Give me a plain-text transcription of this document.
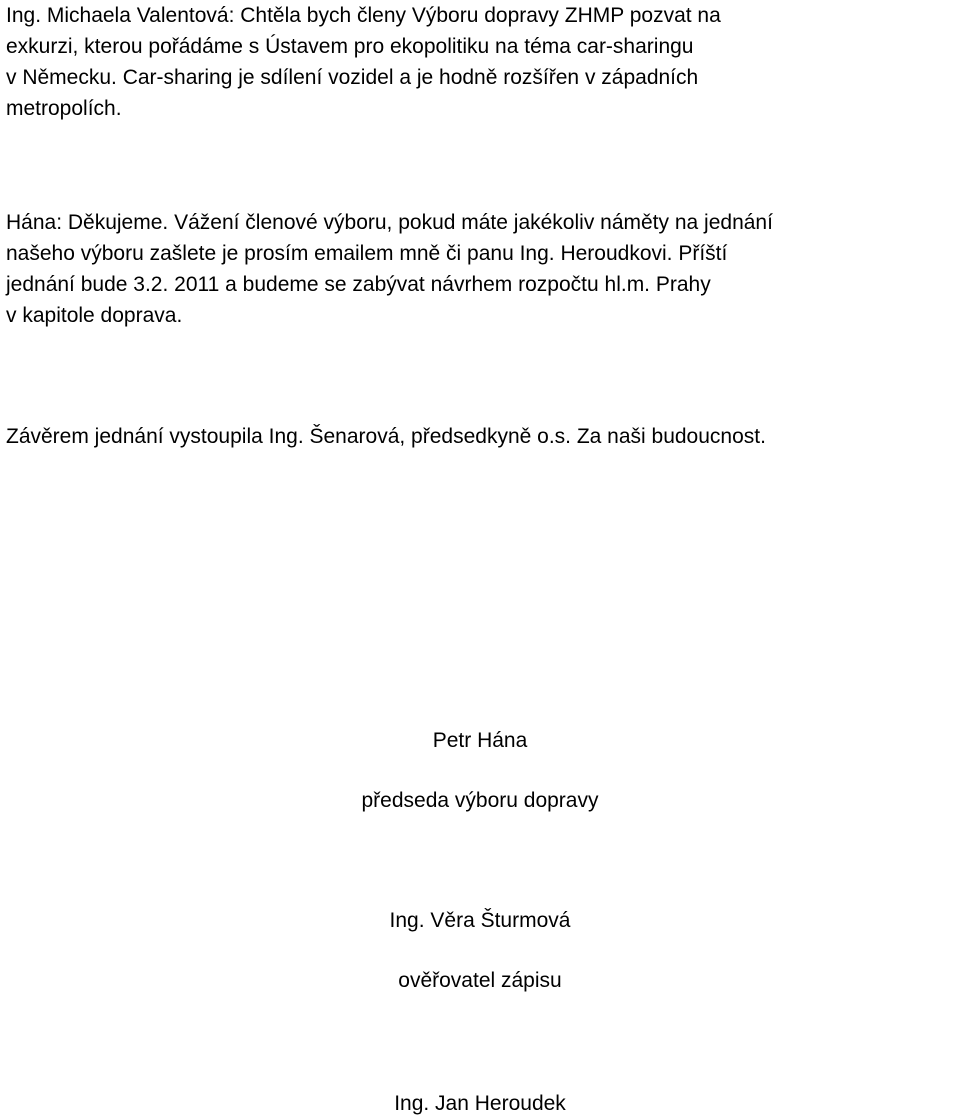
Ing. Michaela Valentová: Chtěla bych členy Výboru dopravy ZHMP pozvat na

exkurzi, kterou pořádáme s Ústavem pro ekopolitiku na téma car-sharingu

v Německu. Car-sharing je sdílení vozidel a je hodně rozšířen v západních

metropolích.

Hána: Děkujeme. Vážení členové výboru, pokud máte jakékoliv náměty na jednání

našeho výboru zašlete je prosím emailem mně či panu Ing. Heroudkovi. Příští

jednání bude 3.2. 2011 a budeme se zabývat návrhem rozpočtu hl.m. Prahy

v kapitole doprava.

Závěrem jednání vystoupila Ing. Šenarová, předsedkyně o.s. Za naši budoucnost.

Petr Hána

předseda výboru dopravy

Ing. Věra Šturmová

ověřovatel zápisu

Ing. Jan Heroudek
